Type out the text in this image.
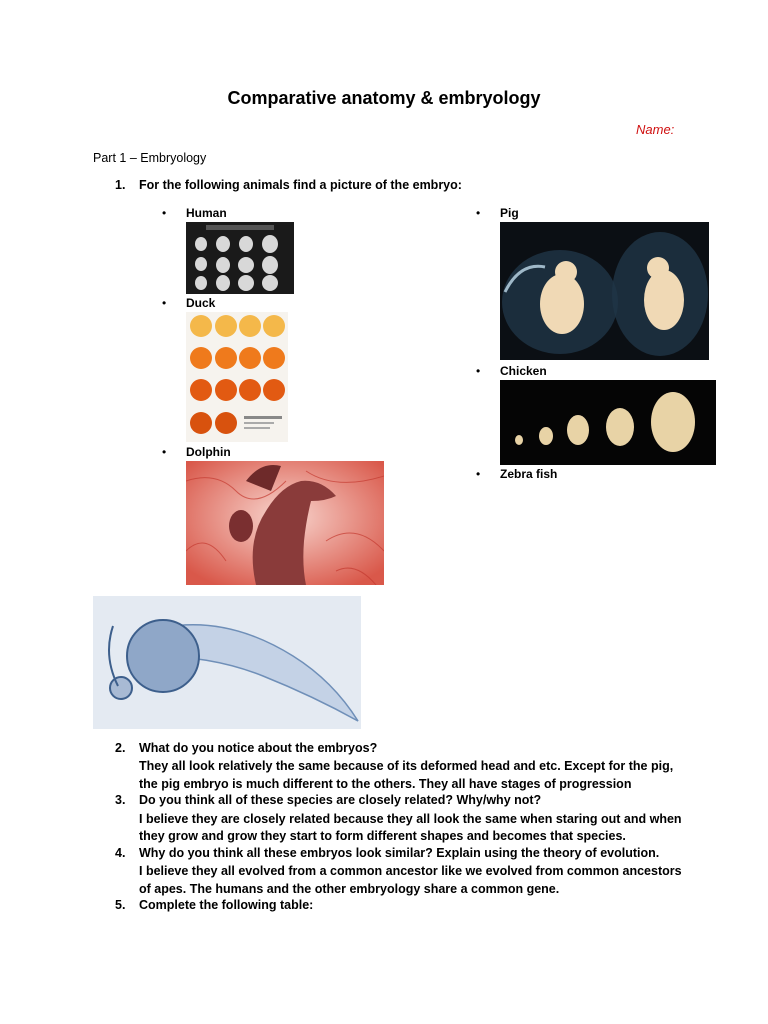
Comparative anatomy & embryology
Name:
Part 1 – Embryology
1. For the following animals find a picture of the embryo:
• Human
• Duck
• Dolphin
• Pig
• Chicken
• Zebra fish
2. What do you notice about the embryos?
They all look relatively the same because of its deformed head and etc. Except for the pig,
the pig embryo is much different to the others. They all have stages of progression
3. Do you think all of these species are closely related? Why/why not?
I believe they are closely related because they all look the same when staring out and when
they grow and grow they start to form different shapes and becomes that species.
4. Why do you think all these embryos look similar? Explain using the theory of evolution.
I believe they all evolved from a common ancestor like we evolved from common ancestors
of apes. The humans and the other embryology share a common gene.
5. Complete the following table:
